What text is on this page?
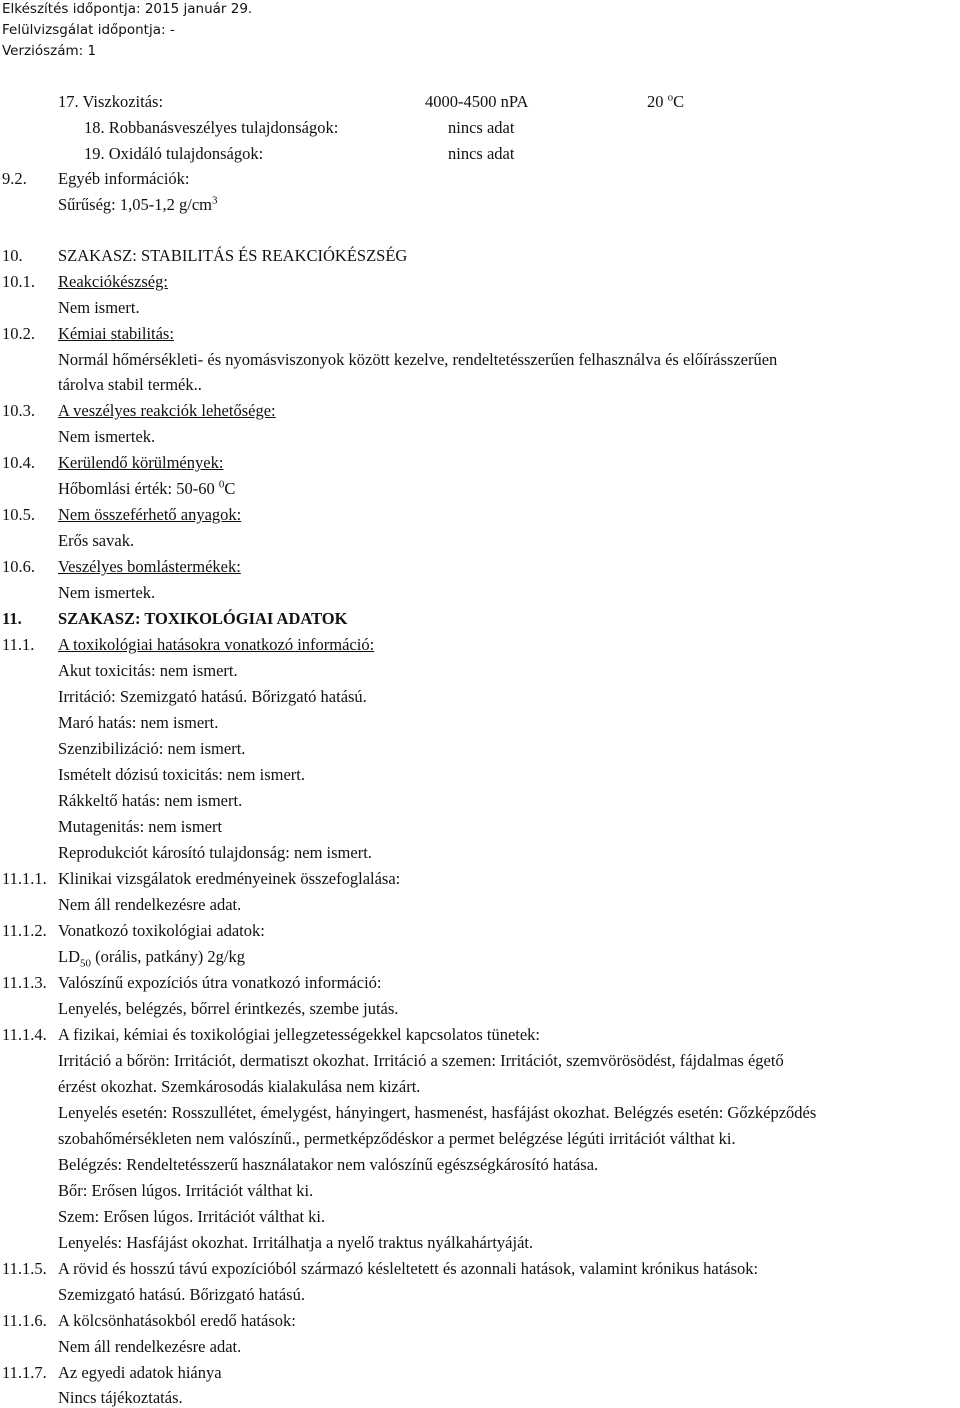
Elkészítés időpontja: 2015 január 29.
Felülvizsgálat időpontja: -
Verziószám: 1
17. Viszkozitás:	4000-4500 nPA	20 $^o$C
18. Robbanásveszélyes tulajdonságok:	nincs adat
19. Oxidáló tulajdonságok:	nincs adat
9.2. Egyéb információk:
Sűrűség: 1,05-1,2 $g/cm^3$
10. SZAKASZ: STABILITÁS ÉS REAKCIÓKÉSZSÉG
10.1. Reakciókészség:
Nem ismert.
10.2. Kémiai stabilitás:
Normál hőmérsékleti- és nyomásviszonyok között kezelve, rendeltetésszerűen felhasználva és előírásszerűen
tárolva stabil termék..
10.3. A veszélyes reakciók lehetősége:
Nem ismertek.
10.4. Kerülendő körülmények:
Hőbomlási érték: 50-60 $^0$C
10.5. Nem összeférhető anyagok:
Erős savak.
10.6. Veszélyes bomlástermékek:
Nem ismertek.
11. SZAKASZ: TOXIKOLÓGIAI ADATOK
11.1. A toxikológiai hatásokra vonatkozó információ:
Akut toxicitás: nem ismert.
Irritáció: Szemizgató hatású. Bőrizgató hatású.
Maró hatás: nem ismert.
Szenzibilizáció: nem ismert.
Ismételt dózisú toxicitás: nem ismert.
Rákkeltő hatás: nem ismert.
Mutagenitás: nem ismert
Reprodukciót károsító tulajdonság: nem ismert.
11.1.1. Klinikai vizsgálatok eredményeinek összefoglalása:
Nem áll rendelkezésre adat.
11.1.2. Vonatkozó toxikológiai adatok:
$LD_{50}$ (orális, patkány) 2g/kg
11.1.3. Valószínű expozíciós útra vonatkozó információ:
Lenyelés, belégzés, bőrrel érintkezés, szembe jutás.
11.1.4. A fizikai, kémiai és toxikológiai jellegzetességekkel kapcsolatos tünetek:
Irritáció a bőrön: Irritációt, dermatiszt okozhat. Irritáció a szemen: Irritációt, szemvörösödést, fájdalmas égető
érzést okozhat. Szemkárosodás kialakulása nem kizárt.
Lenyelés esetén: Rosszullétet, émelygést, hányingert, hasmenést, hasfájást okozhat. Belégzés esetén: Gőzképződés
szobahőmérsékleten nem valószínű., permetképződéskor a permet belégzése légúti irritációt válthat ki.
Belégzés: Rendeltetésszerű használatakor nem valószínű egészségkárosító hatása.
Bőr: Erősen lúgos. Irritációt válthat ki.
Szem: Erősen lúgos. Irritációt válthat ki.
Lenyelés: Hasfájást okozhat. Irritálhatja a nyelő traktus nyálkahártyáját.
11.1.5. A rövid és hosszú távú expozícióból származó késleltetett és azonnali hatások, valamint krónikus hatások:
Szemizgató hatású. Bőrizgató hatású.
11.1.6. A kölcsönhatásokból eredő hatások:
Nem áll rendelkezésre adat.
11.1.7. Az egyedi adatok hiánya
Nincs tájékoztatás.
